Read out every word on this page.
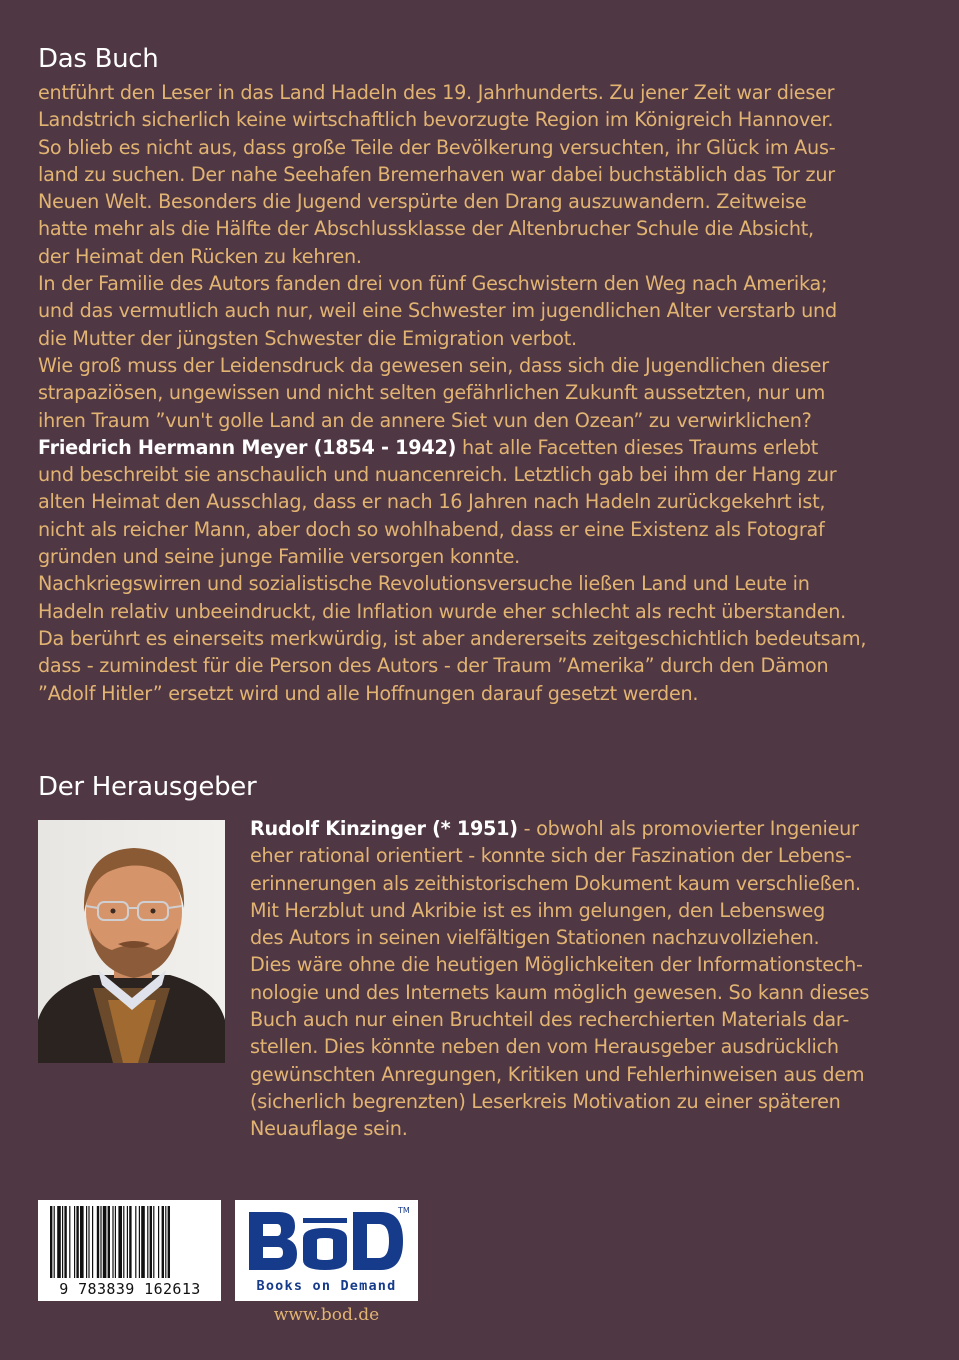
Das Buch
entführt den Leser in das Land Hadeln des 19. Jahrhunderts. Zu jener Zeit war dieser
Landstrich sicherlich keine wirtschaftlich bevorzugte Region im Königreich Hannover.
So blieb es nicht aus, dass große Teile der Bevölkerung versuchten, ihr Glück im Aus-
land zu suchen. Der nahe Seehafen Bremerhaven war dabei buchstäblich das Tor zur
Neuen Welt. Besonders die Jugend verspürte den Drang auszuwandern. Zeitweise
hatte mehr als die Hälfte der Abschlussklasse der Altenbrucher Schule die Absicht,
der Heimat den Rücken zu kehren.
In der Familie des Autors fanden drei von fünf Geschwistern den Weg nach Amerika;
und das vermutlich auch nur, weil eine Schwester im jugendlichen Alter verstarb und
die Mutter der jüngsten Schwester die Emigration verbot.
Wie groß muss der Leidensdruck da gewesen sein, dass sich die Jugendlichen dieser
strapaziösen, ungewissen und nicht selten gefährlichen Zukunft aussetzten, nur um
ihren Traum ”vun't golle Land an de annere Siet vun den Ozean” zu verwirklichen?
Friedrich Hermann Meyer (1854 - 1942) hat alle Facetten dieses Traums erlebt
und beschreibt sie anschaulich und nuancenreich. Letztlich gab bei ihm der Hang zur
alten Heimat den Ausschlag, dass er nach 16 Jahren nach Hadeln zurückgekehrt ist,
nicht als reicher Mann, aber doch so wohlhabend, dass er eine Existenz als Fotograf
gründen und seine junge Familie versorgen konnte.
Nachkriegswirren und sozialistische Revolutionsversuche ließen Land und Leute in
Hadeln relativ unbeeindruckt, die Inflation wurde eher schlecht als recht überstanden.
Da berührt es einerseits merkwürdig, ist aber andererseits zeitgeschichtlich bedeutsam,
dass - zumindest für die Person des Autors - der Traum ”Amerika” durch den Dämon
”Adolf Hitler” ersetzt wird und alle Hoffnungen darauf gesetzt werden.
Der Herausgeber
Rudolf Kinzinger (* 1951) - obwohl als promovierter Ingenieur
eher rational orientiert - konnte sich der Faszination der Lebens-
erinnerungen als zeithistorischem Dokument kaum verschließen.
Mit Herzblut und Akribie ist es ihm gelungen, den Lebensweg
des Autors in seinen vielfältigen Stationen nachzuvollziehen.
Dies wäre ohne die heutigen Möglichkeiten der Informationstech-
nologie und des Internets kaum möglich gewesen. So kann dieses
Buch auch nur einen Bruchteil des recherchierten Materials dar-
stellen. Dies könnte neben den vom Herausgeber ausdrücklich
gewünschten Anregungen, Kritiken und Fehlerhinweisen aus dem
(sicherlich begrenzten) Leserkreis Motivation zu einer späteren
Neuauflage sein.
9 783839 162613
TM
Books on Demand
www.bod.de
